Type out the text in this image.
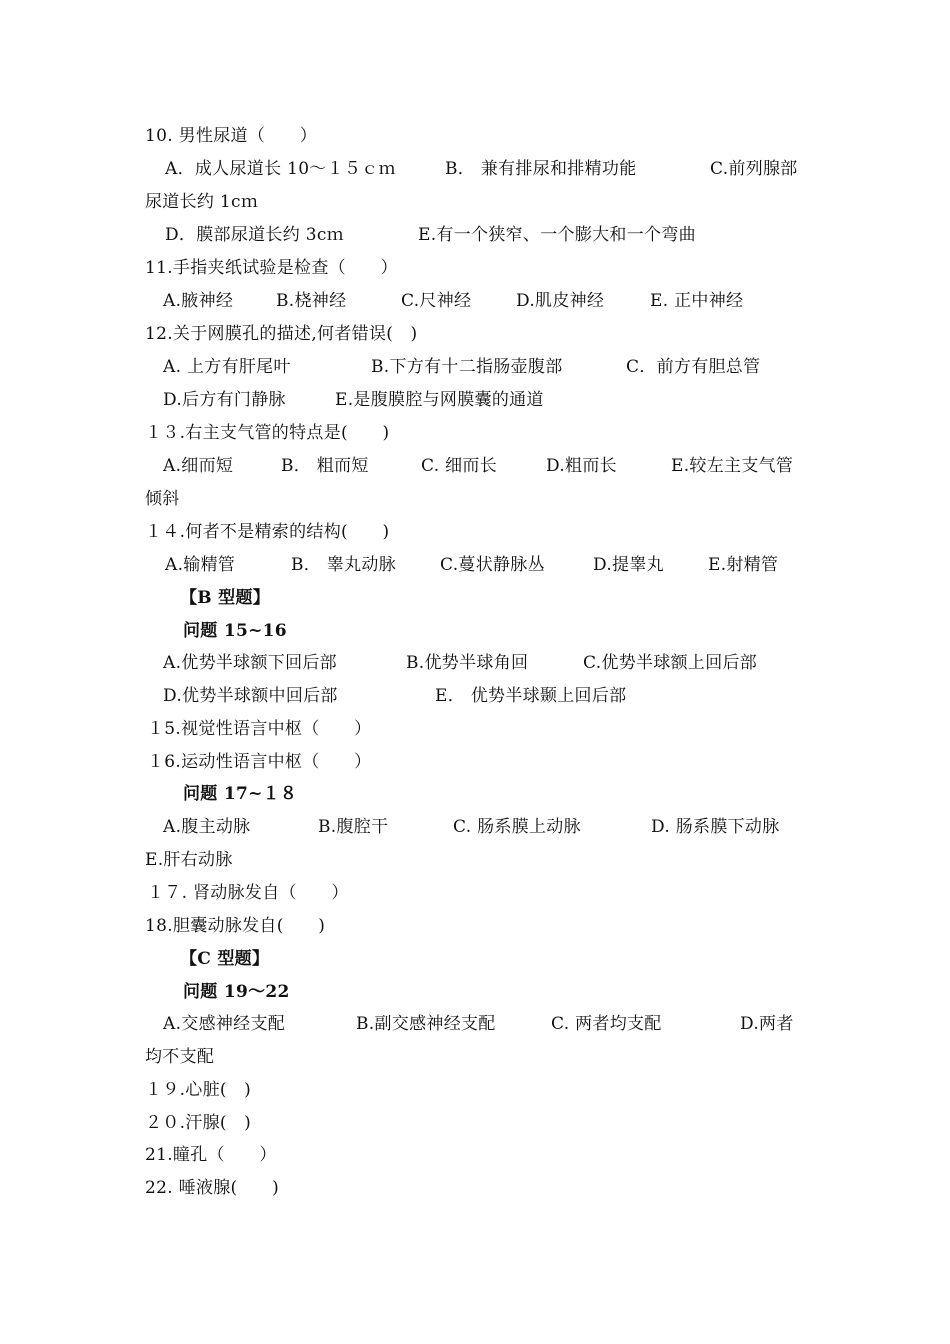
10. 男性尿道（　　）

A．成人尿道长 10～１５ｃｍ

	B． 兼有排尿和排精功能

	C.前列腺部

尿道长约 1cｍ

D．膜部尿道长约 3cｍ

	E.有一个狭窄、一个膨大和一个弯曲

11.手指夹纸试验是检查（　　）

A.腋神经

	B.桡神经

	C.尺神经

	D.肌皮神经

	E. 正中神经

12.关于网膜孔的描述,何者错误(　)

A. 上方有肝尾叶

	B.下方有十二指肠壶腹部

	C．前方有胆总管

D.后方有门静脉

	E.是腹膜腔与网膜囊的通道

１３.右主支气管的特点是(　　)

A.细而短

	B． 粗而短

	C. 细而长

	D.粗而长

	E.较左主支气管

倾斜
１４.何者不是精索的结构(　　)

A.输精管

	B． 睾丸动脉

	C.蔓状静脉丛

	D.提睾丸

	E.射精管

【B 型题】
问题 15~16

A.优势半球额下回后部

	B.优势半球角回

	C.优势半球额上回后部

D.优势半球额中回后部

	E． 优势半球颞上回后部

１5.视觉性语言中枢（　　）
１6.运动性语言中枢（　　）
问题 17~１８

A.腹主动脉

	B.腹腔干

	C. 肠系膜上动脉

	D. 肠系膜下动脉

E.肝右动脉
１７. 肾动脉发自（　　）
18.胆囊动脉发自(　　)
【C 型题】
问题 19～22

A.交感神经支配

	B.副交感神经支配

	C. 两者均支配

	D.两者

均不支配
１９.心脏(　)
２０.汗腺(　)
21.瞳孔（　　）
22. 唾液腺(　　)
